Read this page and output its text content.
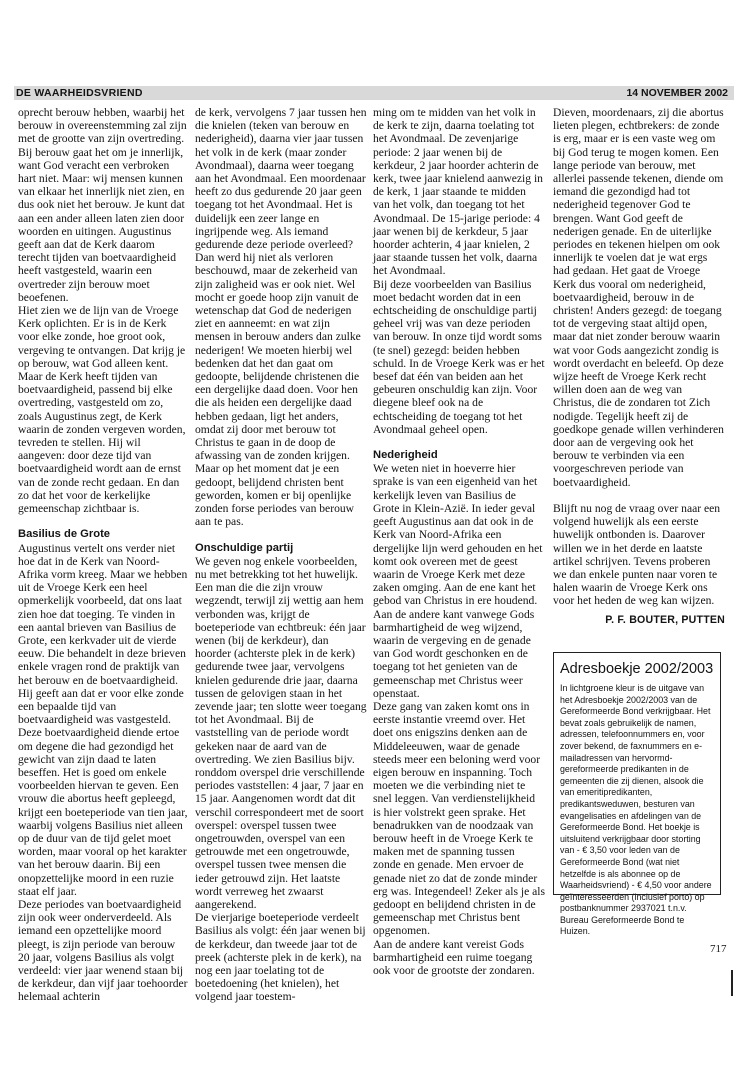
DE WAARHEIDSVRIEND	14 NOVEMBER 2002

oprecht berouw hebben, waarbij het berouw in overeenstemming zal zijn met de grootte van zijn overtreding. Bij berouw gaat het om je innerlijk, want God veracht een verbroken hart niet. Maar: wij mensen kunnen van elkaar het innerlijk niet zien, en dus ook niet het berouw. Je kunt dat aan een ander alleen laten zien door woorden en uitingen. Augustinus geeft aan dat de Kerk daarom terecht tijden van boetvaardigheid heeft vastgesteld, waarin een overtreder zijn berouw moet beoefenen.

Hiet zien we de lijn van de Vroege Kerk oplichten. Er is in de Kerk voor elke zonde, hoe groot ook, vergeving te ontvangen. Dat krijg je op berouw, wat God alleen kent. Maar de Kerk heeft tijden van boetvaardigheid, passend bij elke overtreding, vastgesteld om zo, zoals Augustinus zegt, de Kerk waarin de zonden vergeven worden, tevreden te stellen. Hij wil aangeven: door deze tijd van boetvaardigheid wordt aan de ernst van de zonde recht gedaan. En dan zo dat het voor de kerkelijke gemeenschap zichtbaar is.

Basilius de Grote

Augustinus vertelt ons verder niet hoe dat in de Kerk van Noord-Afrika vorm kreeg. Maar we hebben uit de Vroege Kerk een heel opmerkelijk voorbeeld, dat ons laat zien hoe dat toeging. Te vinden in een aantal brieven van Basilius de Grote, een kerkvader uit de vierde eeuw. Die behandelt in deze brieven enkele vragen rond de praktijk van het berouw en de boetvaardigheid. Hij geeft aan dat er voor elke zonde een bepaalde tijd van boetvaardigheid was vastgesteld. Deze boetvaardigheid diende ertoe om degene die had gezondigd het gewicht van zijn daad te laten beseffen. Het is goed om enkele voorbeelden hiervan te geven. Een vrouw die abortus heeft gepleegd, krijgt een boeteperiode van tien jaar, waarbij volgens Basilius niet alleen op de duur van de tijd gelet moet worden, maar vooral op het karakter van het berouw daarin. Bij een onopzettelijke moord in een ruzie staat elf jaar.

Deze periodes van boetvaardigheid zijn ook weer onderverdeeld. Als iemand een opzettelijke moord pleegt, is zijn periode van berouw 20 jaar, volgens Basilius als volgt verdeeld: vier jaar wenend staan bij de kerkdeur, dan vijf jaar toehoorder helemaal achterin

de kerk, vervolgens 7 jaar tussen hen die knielen (teken van berouw en nederigheid), daarna vier jaar tussen het volk in de kerk (maar zonder Avondmaal), daarna weer toegang aan het Avondmaal. Een moordenaar heeft zo dus gedurende 20 jaar geen toegang tot het Avondmaal. Het is duidelijk een zeer lange en ingrijpende weg. Als iemand gedurende deze periode overleed? Dan werd hij niet als verloren beschouwd, maar de zekerheid van zijn zaligheid was er ook niet. Wel mocht er goede hoop zijn vanuit de wetenschap dat God de nederigen ziet en aanneemt: en wat zijn mensen in berouw anders dan zulke nederigen! We moeten hierbij wel bedenken dat het dan gaat om gedoopte, belijdende christenen die een dergelijke daad doen. Voor hen die als heiden een dergelijke daad hebben gedaan, ligt het anders, omdat zij door met berouw tot Christus te gaan in de doop de afwassing van de zonden krijgen. Maar op het moment dat je een gedoopt, belijdend christen bent geworden, komen er bij openlijke zonden forse periodes van berouw aan te pas.

Onschuldige partij

We geven nog enkele voorbeelden, nu met betrekking tot het huwelijk. Een man die die zijn vrouw wegzendt, terwijl zij wettig aan hem verbonden was, krijgt de boeteperiode van echtbreuk: één jaar wenen (bij de kerkdeur), dan hoorder (achterste plek in de kerk) gedurende twee jaar, vervolgens knielen gedurende drie jaar, daarna tussen de gelovigen staan in het zevende jaar; ten slotte weer toegang tot het Avondmaal. Bij de vaststelling van de periode wordt gekeken naar de aard van de overtreding. We zien Basilius bijv. ronddom overspel drie verschillende periodes vaststellen: 4 jaar, 7 jaar en 15 jaar. Aangenomen wordt dat dit verschil correspondeert met de soort overspel: overspel tussen twee ongetrouwden, overspel van een getrouwde met een ongetrouwde, overspel tussen twee mensen die ieder getrouwd zijn. Het laatste wordt verreweg het zwaarst aangerekend.

De vierjarige boeteperiode verdeelt Basilius als volgt: één jaar wenen bij de kerkdeur, dan tweede jaar tot de preek (achterste plek in de kerk), na nog een jaar toelating tot de boetedoening (het knielen), het volgend jaar toestem-

ming om te midden van het volk in de kerk te zijn, daarna toelating tot het Avondmaal. De zevenjarige periode: 2 jaar wenen bij de kerkdeur, 2 jaar hoorder achterin de kerk, twee jaar knielend aanwezig in de kerk, 1 jaar staande te midden van het volk, dan toegang tot het Avondmaal. De 15-jarige periode: 4 jaar wenen bij de kerkdeur, 5 jaar hoorder achterin, 4 jaar knielen, 2 jaar staande tussen het volk, daarna het Avondmaal.

Bij deze voorbeelden van Basilius moet bedacht worden dat in een echtscheiding de onschuldige partij geheel vrij was van deze perioden van berouw. In onze tijd wordt soms (te snel) gezegd: beiden hebben schuld. In de Vroege Kerk was er het besef dat één van beiden aan het gebeuren onschuldig kan zijn. Voor diegene bleef ook na de echtscheiding de toegang tot het Avondmaal geheel open.

Nederigheid

We weten niet in hoeverre hier sprake is van een eigenheid van het kerkelijk leven van Basilius de Grote in Klein-Azië. In ieder geval geeft Augustinus aan dat ook in de Kerk van Noord-Afrika een dergelijke lijn werd gehouden en het komt ook overeen met de geest waarin de Vroege Kerk met deze zaken omging. Aan de ene kant het gebod van Christus in ere houdend. Aan de andere kant vanwege Gods barmhartigheid de weg wijzend, waarin de vergeving en de genade van God wordt geschonken en de toegang tot het genieten van de gemeenschap met Christus weer openstaat.

Deze gang van zaken komt ons in eerste instantie vreemd over. Het doet ons enigszins denken aan de Middeleeuwen, waar de genade steeds meer een beloning werd voor eigen berouw en inspanning. Toch moeten we die verbinding niet te snel leggen. Van verdienstelijkheid is hier volstrekt geen sprake. Het benadrukken van de noodzaak van berouw heeft in de Vroege Kerk te maken met de spanning tussen zonde en genade. Men ervoer de genade niet zo dat de zonde minder erg was. Integendeel! Zeker als je als gedoopt en belijdend christen in de gemeenschap met Christus bent opgenomen.

Aan de andere kant vereist Gods barmhartigheid een ruime toegang ook voor de grootste der zondaren.

Dieven, moordenaars, zij die abortus lieten plegen, echtbrekers: de zonde is erg, maar er is een vaste weg om bij God terug te mogen komen. Een lange periode van berouw, met allerlei passende tekenen, diende om iemand die gezondigd had tot nederigheid tegenover God te brengen. Want God geeft de nederigen genade. En de uiterlijke periodes en tekenen hielpen om ook innerlijk te voelen dat je wat ergs had gedaan. Het gaat de Vroege Kerk dus vooral om nederigheid, boetvaardigheid, berouw in de christen! Anders gezegd: de toegang tot de vergeving staat altijd open, maar dat niet zonder berouw waarin wat voor Gods aangezicht zondig is wordt overdacht en beleefd. Op deze wijze heeft de Vroege Kerk recht willen doen aan de weg van Christus, die de zondaren tot Zich nodigde. Tegelijk heeft zij de goedkope genade willen verhinderen door aan de vergeving ook het berouw te verbinden via een voorgeschreven periode van boetvaardigheid.

Blijft nu nog de vraag over naar een volgend huwelijk als een eerste huwelijk ontbonden is. Daarover willen we in het derde en laatste artikel schrijven. Tevens proberen we dan enkele punten naar voren te halen waarin de Vroege Kerk ons voor het heden de weg kan wijzen.

P. F. BOUTER, PUTTEN

Adresboekje 2002/2003

In lichtgroene kleur is de uitgave van het Adresboekje 2002/2003 van de Gereformeerde Bond verkrijgbaar. Het bevat zoals gebruikelijk de namen, adressen, telefoonnummers en, voor zover bekend, de faxnummers en e-mailadressen van hervormd-gereformeerde predikanten in de gemeenten die zij dienen, alsook die van emeritipredikanten, predikantsweduwen, besturen van evangelisaties en afdelingen van de Gereformeerde Bond. Het boekje is uitsluitend verkrijgbaar door storting van - € 3,50 voor leden van de Gereformeerde Bond (wat niet hetzelfde is als abonnee op de Waarheidsvriend) - € 4,50 voor andere geïnteresseerden (inclusief porto) op postbanknummer 2937021 t.n.v. Bureau Gereformeerde Bond te Huizen.

717
